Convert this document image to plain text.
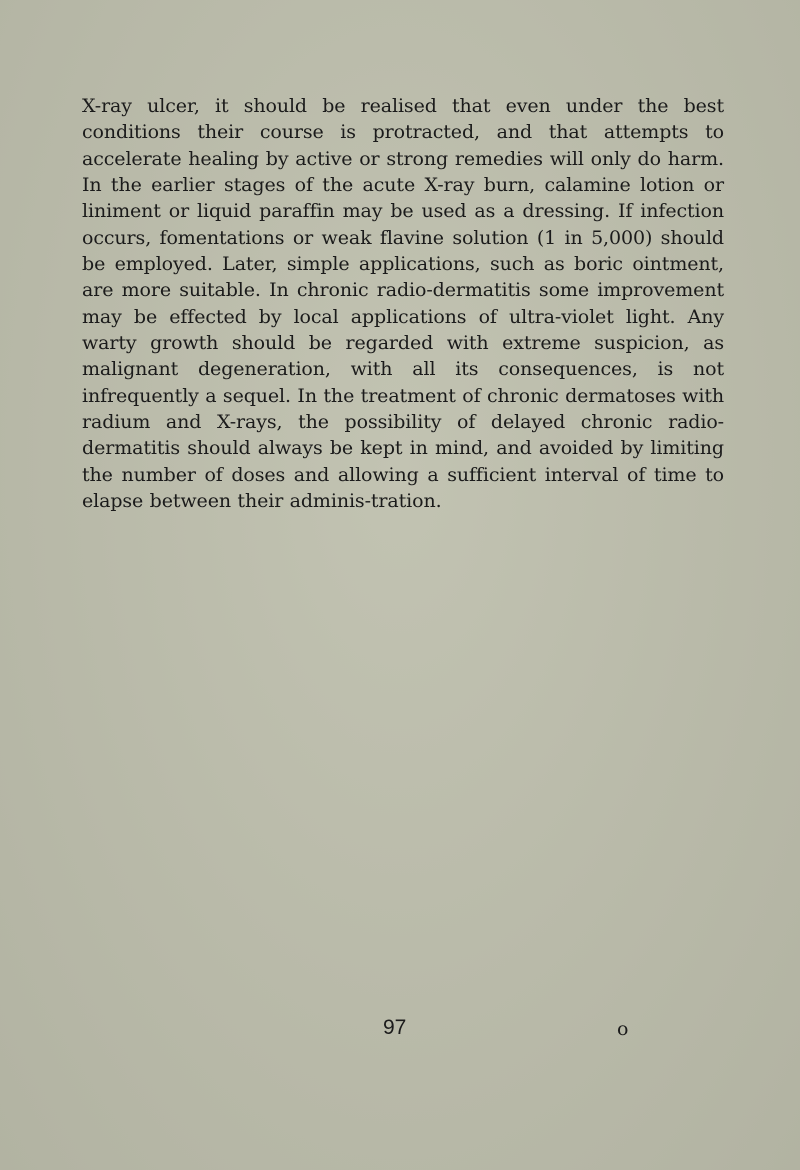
X-ray ulcer, it should be realised that even under the best conditions their course is protracted, and that attempts to accelerate healing by active or strong remedies will only do harm. In the earlier stages of the acute X-ray burn, calamine lotion or liniment or liquid paraffin may be used as a dressing. If infection occurs, fomentations or weak flavine solution (1 in 5,000) should be employed. Later, simple applications, such as boric ointment, are more suitable. In chronic radio-dermatitis some improvement may be effected by local applications of ultra-violet light. Any warty growth should be regarded with extreme suspicion, as malignant degeneration, with all its consequences, is not infrequently a sequel. In the treatment of chronic dermatoses with radium and X-rays, the possibility of delayed chronic radio-dermatitis should always be kept in mind, and avoided by limiting the number of doses and allowing a sufficient interval of time to elapse between their adminis-tration.

97	o
